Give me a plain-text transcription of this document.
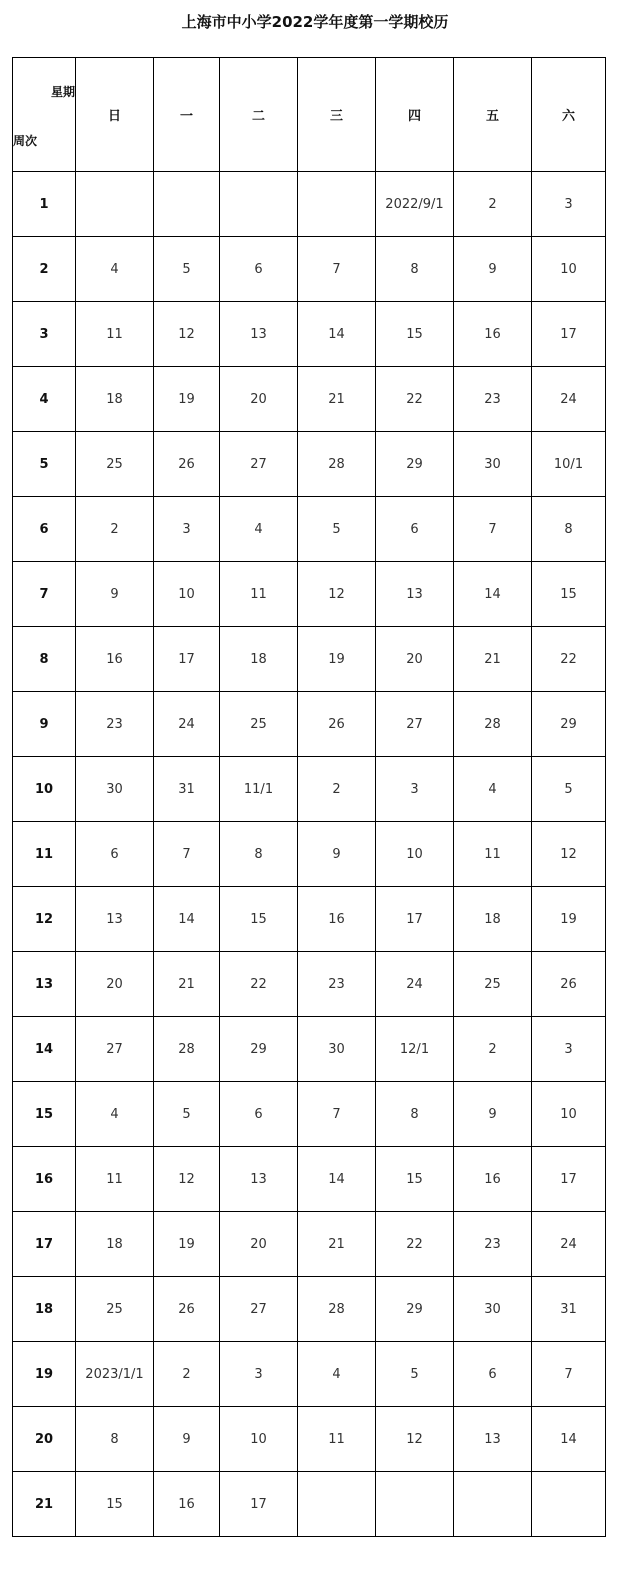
上海市中小学2022学年度第一学期校历
星期
周次	日	一	二	三	四	五	六
1					2022/9/1	2	3
2	4	5	6	7	8	9	10
3	11	12	13	14	15	16	17
4	18	19	20	21	22	23	24
5	25	26	27	28	29	30	10/1
6	2	3	4	5	6	7	8
7	9	10	11	12	13	14	15
8	16	17	18	19	20	21	22
9	23	24	25	26	27	28	29
10	30	31	11/1	2	3	4	5
11	6	7	8	9	10	11	12
12	13	14	15	16	17	18	19
13	20	21	22	23	24	25	26
14	27	28	29	30	12/1	2	3
15	4	5	6	7	8	9	10
16	11	12	13	14	15	16	17
17	18	19	20	21	22	23	24
18	25	26	27	28	29	30	31
19	2023/1/1	2	3	4	5	6	7
20	8	9	10	11	12	13	14
21	15	16	17				
